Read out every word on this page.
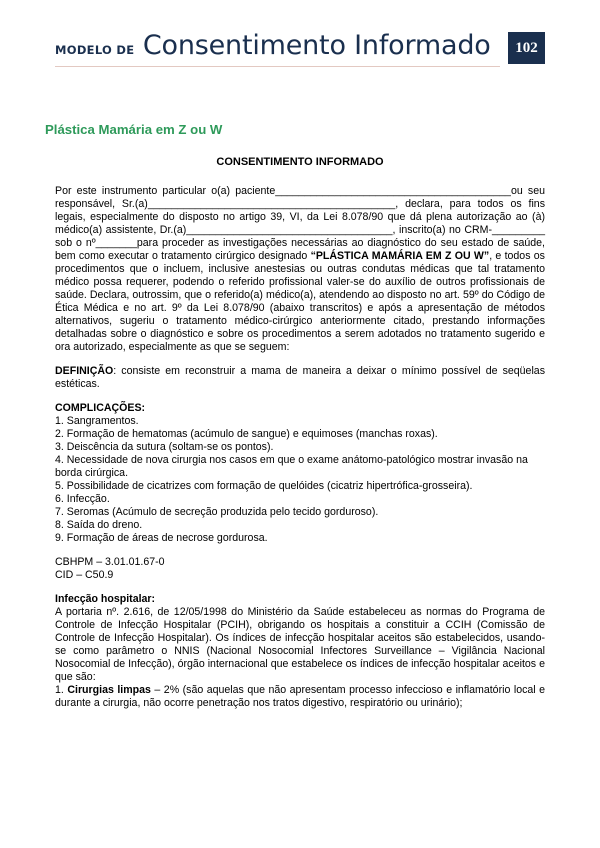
MODELO DE Consentimento Informado 102
Plástica Mamária em Z ou W

CONSENTIMENTO INFORMADO

Por este instrumento particular o(a) paciente________________________________________ou seu responsável, Sr.(a)__________________________________________, declara, para todos os fins legais, especialmente do disposto no artigo 39, VI, da Lei 8.078/90 que dá plena autorização ao (à) médico(a) assistente, Dr.(a)___________________________________, inscrito(a) no CRM-_________ sob o nº_______para proceder as investigações necessárias ao diagnóstico do seu estado de saúde, bem como executar o tratamento cirúrgico designado “PLÁSTICA MAMÁRIA EM Z OU W”, e todos os procedimentos que o incluem, inclusive anestesias ou outras condutas médicas que tal tratamento médico possa requerer, podendo o referido profissional valer-se do auxílio de outros profissionais de saúde. Declara, outrossim, que o referido(a) médico(a), atendendo ao disposto no art. 59º do Código de Ética Médica e no art. 9º da Lei 8.078/90 (abaixo transcritos) e após a apresentação de métodos alternativos, sugeriu o tratamento médico-cirúrgico anteriormente citado, prestando informações detalhadas sobre o diagnóstico e sobre os procedimentos a serem adotados no tratamento sugerido e ora autorizado, especialmente as que se seguem:

DEFINIÇÃO: consiste em reconstruir a mama de maneira a deixar o mínimo possível de seqüelas estéticas.

COMPLICAÇÕES:

1. Sangramentos.

2. Formação de hematomas (acúmulo de sangue) e equimoses (manchas roxas).

3. Deiscência da sutura (soltam-se os pontos).

4. Necessidade de nova cirurgia nos casos em que o exame anátomo-patológico mostrar invasão na borda cirúrgica.

5. Possibilidade de cicatrizes com formação de quelóides (cicatriz hipertrófica-grosseira).

6. Infecção.

7. Seromas (Acúmulo de secreção produzida pelo tecido gorduroso).

8. Saída do dreno.

9. Formação de áreas de necrose gordurosa.

CBHPM – 3.01.01.67-0

CID – C50.9

Infecção hospitalar:

A portaria nº. 2.616, de 12/05/1998 do Ministério da Saúde estabeleceu as normas do Programa de Controle de Infecção Hospitalar (PCIH), obrigando os hospitais a constituir a CCIH (Comissão de Controle de Infecção Hospitalar). Os índices de infecção hospitalar aceitos são estabelecidos, usando-se como parâmetro o NNIS (Nacional Nosocomial Infectores Surveillance – Vigilância Nacional Nosocomial de Infecção), órgão internacional que estabelece os índices de infecção hospitalar aceitos e que são:

1. Cirurgias limpas – 2% (são aquelas que não apresentam processo infeccioso e inflamatório local e durante a cirurgia, não ocorre penetração nos tratos digestivo, respiratório ou urinário);
